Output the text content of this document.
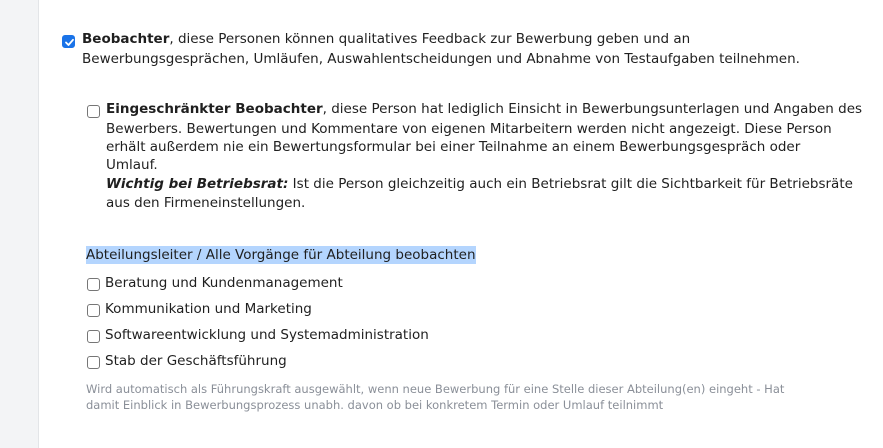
Beobachter, diese Personen können qualitatives Feedback zur Bewerbung geben und an
Bewerbungsgesprächen, Umläufen, Auswahlentscheidungen und Abnahme von Testaufgaben teilnehmen.
Eingeschränkter Beobachter, diese Person hat lediglich Einsicht in Bewerbungsunterlagen und Angaben des
Bewerbers. Bewertungen und Kommentare von eigenen Mitarbeitern werden nicht angezeigt. Diese Person
erhält außerdem nie ein Bewertungsformular bei einer Teilnahme an einem Bewerbungsgespräch oder
Umlauf.
Wichtig bei Betriebsrat: Ist die Person gleichzeitig auch ein Betriebsrat gilt die Sichtbarkeit für Betriebsräte
aus den Firmeneinstellungen.
Abteilungsleiter / Alle Vorgänge für Abteilung beobachten
Beratung und Kundenmanagement
Kommunikation und Marketing
Softwareentwicklung und Systemadministration
Stab der Geschäftsführung
Wird automatisch als Führungskraft ausgewählt, wenn neue Bewerbung für eine Stelle dieser Abteilung(en) eingeht - Hat
damit Einblick in Bewerbungsprozess unabh. davon ob bei konkretem Termin oder Umlauf teilnimmt
